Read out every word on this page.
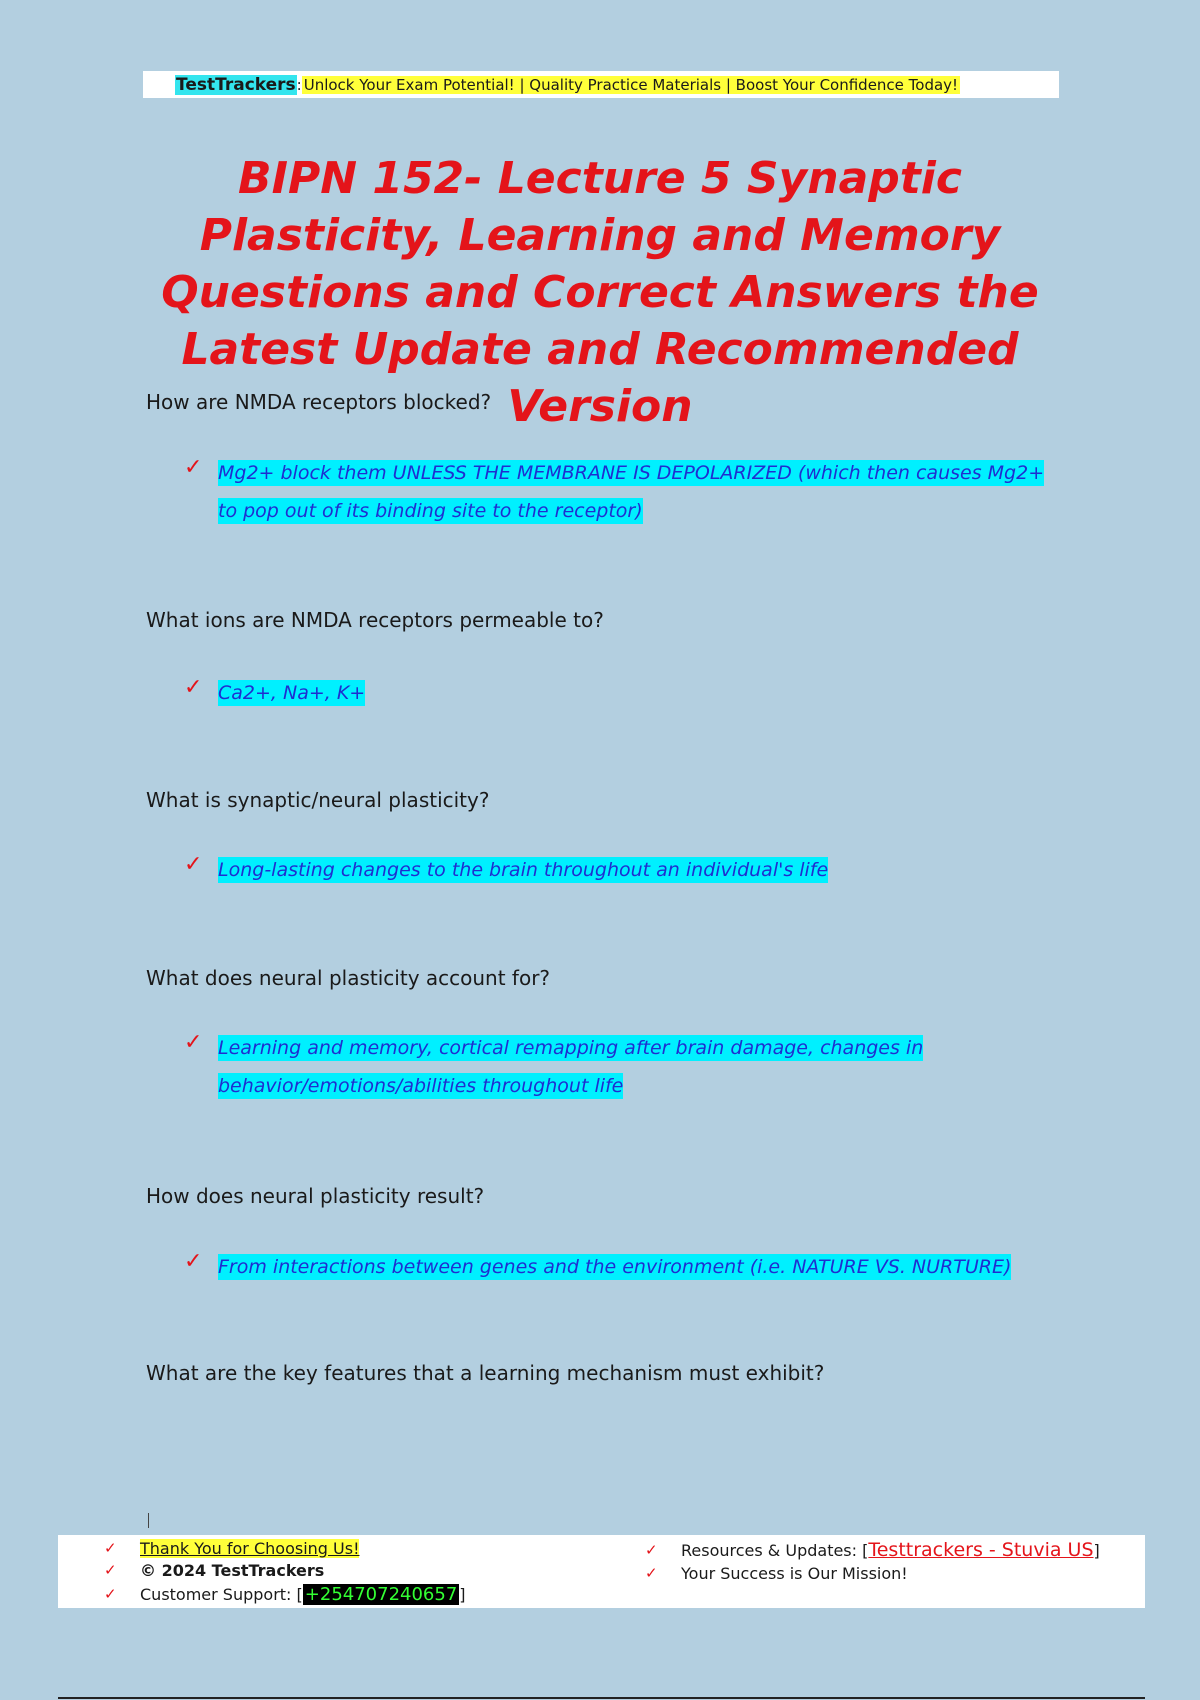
TestTrackers : Unlock Your Exam Potential! | Quality Practice Materials | Boost Your Confidence Today!
BIPN 152- Lecture 5 Synaptic Plasticity, Learning and Memory Questions and Correct Answers the Latest Update and Recommended Version
How are NMDA receptors blocked?
✓ Mg2+ block them UNLESS THE MEMBRANE IS DEPOLARIZED (which then causes Mg2+
to pop out of its binding site to the receptor)
What ions are NMDA receptors permeable to?
✓ Ca2+, Na+, K+
What is synaptic/neural plasticity?
✓ Long-lasting changes to the brain throughout an individual's life
What does neural plasticity account for?
✓ Learning and memory, cortical remapping after brain damage, changes in
behavior/emotions/abilities throughout life
How does neural plasticity result?
✓ From interactions between genes and the environment (i.e. NATURE VS. NURTURE)
What are the key features that a learning mechanism must exhibit?
✓	Thank You for Choosing Us!
✓	© 2024 TestTrackers
✓	Customer Support: [ +254707240657 ]
✓	Resources & Updates: [ Testtrackers - Stuvia US ]
✓	Your Success is Our Mission!
